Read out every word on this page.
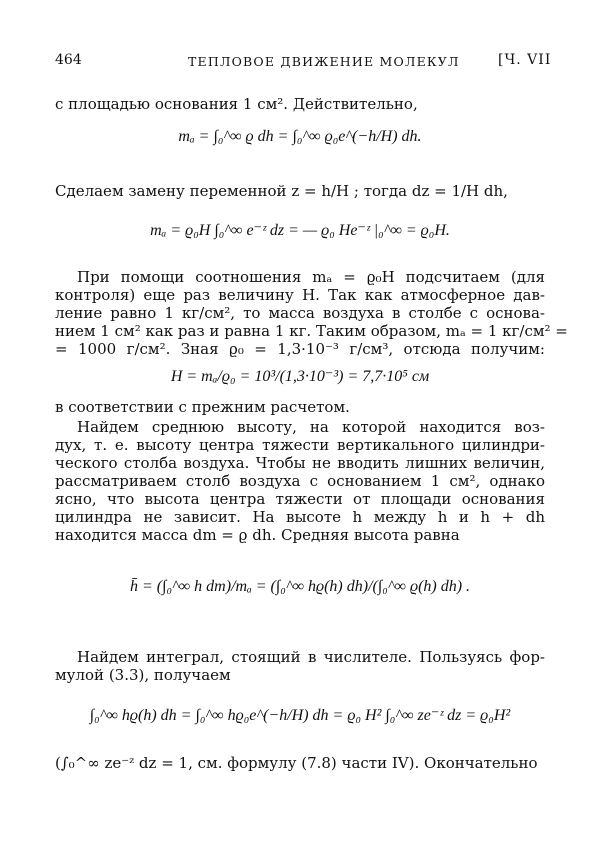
464	ТЕПЛОВОЕ ДВИЖЕНИЕ МОЛЕКУЛ	[Ч. VII
с площадью основания 1 см². Действительно,
mₐ = ∫₀^∞ ϱ dh = ∫₀^∞ ϱ₀e^(−h/H) dh.
Сделаем замену переменной z = h/H ; тогда dz = 1/H dh,
mₐ = ϱ₀H ∫₀^∞ e⁻ᶻ dz = — ϱ₀ He⁻ᶻ |₀^∞ = ϱ₀H.
При помощи соотношения mₐ = ϱ₀H подсчитаем (для
контроля) еще раз величину H. Так как атмосферное дав-
ление равно 1 кг/см², то масса воздуха в столбе с основа-
нием 1 см² как раз и равна 1 кг. Таким образом, mₐ = 1 кг/см² =
= 1000 г/см². Зная ϱ₀ = 1,3·10⁻³ г/см³, отсюда получим:
H = mₐ/ϱ₀ = 10³/(1,3·10⁻³) = 7,7·10⁵ см
в соответствии с прежним расчетом.
Найдем среднюю высоту, на которой находится воз-
дух, т. е. высоту центра тяжести вертикального цилиндри-
ческого столба воздуха. Чтобы не вводить лишних величин,
рассматриваем столб воздуха с основанием 1 см², однако
ясно, что высота центра тяжести от площади основания
цилиндра не зависит. На высоте h между h и h + dh
находится масса dm = ϱ dh. Средняя высота равна
h̄ = (∫₀^∞ h dm)/mₐ = (∫₀^∞ hϱ(h) dh)/(∫₀^∞ ϱ(h) dh) .
Найдем интеграл, стоящий в числителе. Пользуясь фор-
мулой (3.3), получаем
∫₀^∞ hϱ(h) dh = ∫₀^∞ hϱ₀e^(−h/H) dh = ϱ₀ H² ∫₀^∞ ze⁻ᶻ dz = ϱ₀H²
(∫₀^∞ ze⁻ᶻ dz = 1, см. формулу (7.8) части IV). Окончательно
